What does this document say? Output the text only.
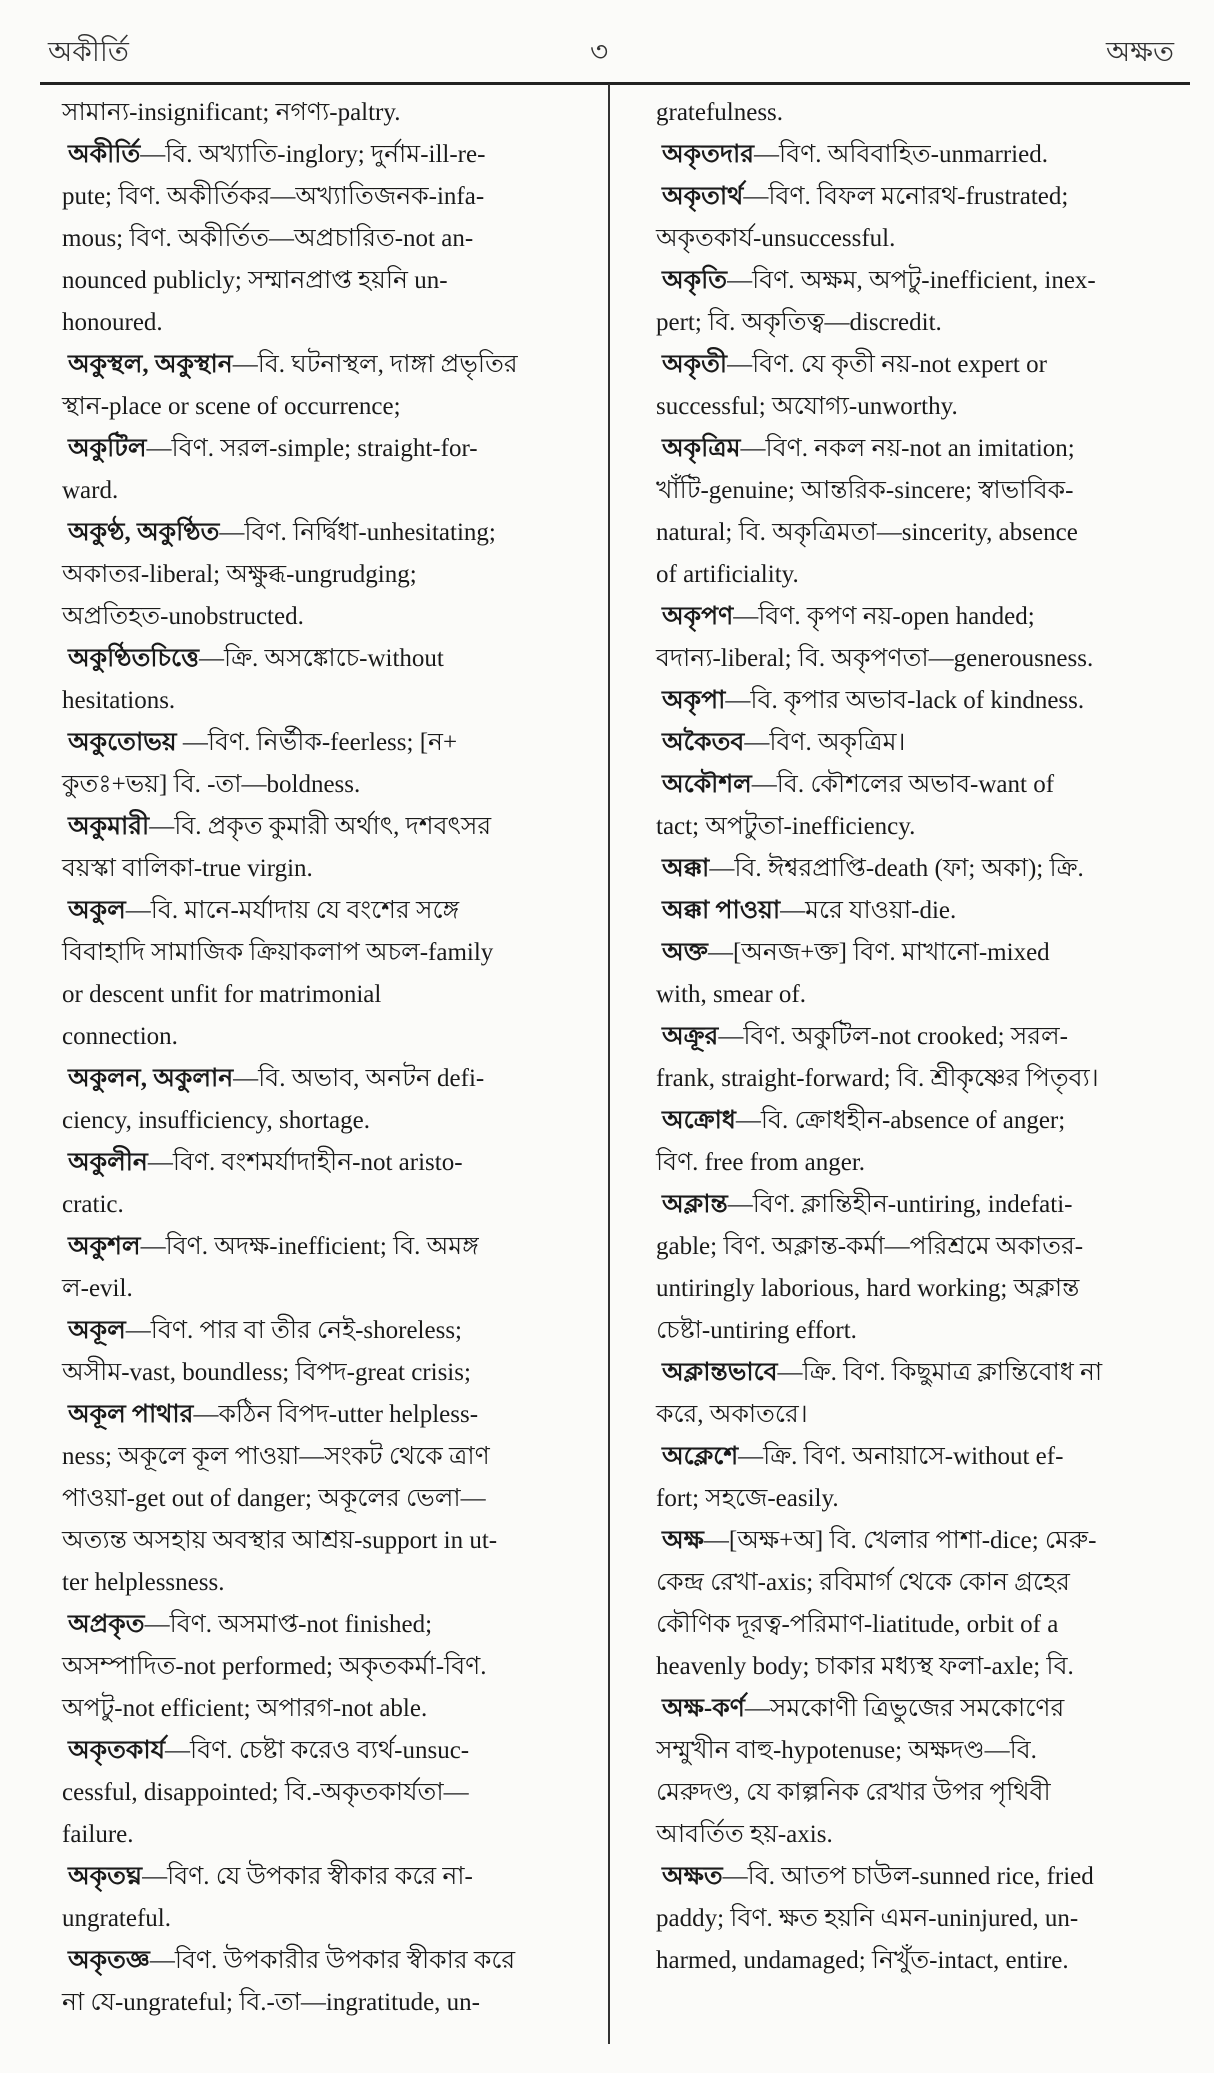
অকীর্তি	৩	অক্ষত
সামান্য-insignificant; নগণ্য-paltry.
অকীর্তি—বি. অখ্যাতি-inglory; দুর্নাম-ill-re-
pute; বিণ. অকীর্তিকর—অখ্যাতিজনক-infa-
mous; বিণ. অকীর্তিত—অপ্রচারিত-not an-
nounced publicly; সম্মানপ্রাপ্ত হয়নি un-
honoured.
অকুস্থল, অকুস্থান—বি. ঘটনাস্থল, দাঙ্গা প্রভৃতির
স্থান-place or scene of occurrence;
অকুটিল—বিণ. সরল-simple; straight-for-
ward.
অকুণ্ঠ, অকুণ্ঠিত—বিণ. নির্দ্বিধা-unhesitating;
অকাতর-liberal; অক্ষুব্ধ-ungrudging;
অপ্রতিহত-unobstructed.
অকুণ্ঠিতচিত্তে—ক্রি. অসঙ্কোচে-without
hesitations.
অকুতোভয় —বিণ. নির্ভীক-feerless; [ন+
কুতঃ+ভয়] বি. -তা—boldness.
অকুমারী—বি. প্রকৃত কুমারী অর্থাৎ, দশবৎসর
বয়স্কা বালিকা-true virgin.
অকুল—বি. মানে-মর্যাদায় যে বংশের সঙ্গে
বিবাহাদি সামাজিক ক্রিয়াকলাপ অচল-family
or descent unfit for matrimonial
connection.
অকুলন, অকুলান—বি. অভাব, অনটন defi-
ciency, insufficiency, shortage.
অকুলীন—বিণ. বংশমর্যাদাহীন-not aristo-
cratic.
অকুশল—বিণ. অদক্ষ-inefficient; বি. অমঙ্গ
ল-evil.
অকূল—বিণ. পার বা তীর নেই-shoreless;
অসীম-vast, boundless; বিপদ-great crisis;
অকূল পাথার—কঠিন বিপদ-utter helpless-
ness; অকূলে কূল পাওয়া—সংকট থেকে ত্রাণ
পাওয়া-get out of danger; অকূলের ভেলা—
অত্যন্ত অসহায় অবস্থার আশ্রয়-support in ut-
ter helplessness.
অপ্রকৃত—বিণ. অসমাপ্ত-not finished;
অসম্পাদিত-not performed; অকৃতকর্মা-বিণ.
অপটু-not efficient; অপারগ-not able.
অকৃতকার্য—বিণ. চেষ্টা করেও ব্যর্থ-unsuc-
cessful, disappointed; বি.-অকৃতকার্যতা—
failure.
অকৃতঘ্ন—বিণ. যে উপকার স্বীকার করে না-
ungrateful.
অকৃতজ্ঞ—বিণ. উপকারীর উপকার স্বীকার করে
না যে-ungrateful; বি.-তা—ingratitude, un-
gratefulness.
অকৃতদার—বিণ. অবিবাহিত-unmarried.
অকৃতার্থ—বিণ. বিফল মনোরথ-frustrated;
অকৃতকার্য-unsuccessful.
অকৃতি—বিণ. অক্ষম, অপটু-inefficient, inex-
pert; বি. অকৃতিত্ব—discredit.
অকৃতী—বিণ. যে কৃতী নয়-not expert or
successful; অযোগ্য-unworthy.
অকৃত্রিম—বিণ. নকল নয়-not an imitation;
খাঁটি-genuine; আন্তরিক-sincere; স্বাভাবিক-
natural; বি. অকৃত্রিমতা—sincerity, absence
of artificiality.
অকৃপণ—বিণ. কৃপণ নয়-open handed;
বদান্য-liberal; বি. অকৃপণতা—generousness.
অকৃপা—বি. কৃপার অভাব-lack of kindness.
অকৈতব—বিণ. অকৃত্রিম।
অকৌশল—বি. কৌশলের অভাব-want of
tact; অপটুতা-inefficiency.
অক্কা—বি. ঈশ্বরপ্রাপ্তি-death (ফা; অকা); ক্রি.
অক্কা পাওয়া—মরে যাওয়া-die.
অক্ত—[অনজ+ক্ত] বিণ. মাখানো-mixed
with, smear of.
অক্রূর—বিণ. অকুটিল-not crooked; সরল-
frank, straight-forward; বি. শ্রীকৃষ্ণের পিতৃব্য।
অক্রোধ—বি. ক্রোধহীন-absence of anger;
বিণ. free from anger.
অক্লান্ত—বিণ. ক্লান্তিহীন-untiring, indefati-
gable; বিণ. অক্লান্ত-কর্মা—পরিশ্রমে অকাতর-
untiringly laborious, hard working; অক্লান্ত
চেষ্টা-untiring effort.
অক্লান্তভাবে—ক্রি. বিণ. কিছুমাত্র ক্লান্তিবোধ না
করে, অকাতরে।
অক্লেশে—ক্রি. বিণ. অনায়াসে-without ef-
fort; সহজে-easily.
অক্ষ—[অক্ষ+অ] বি. খেলার পাশা-dice; মেরু-
কেন্দ্র রেখা-axis; রবিমার্গ থেকে কোন গ্রহের
কৌণিক দূরত্ব-পরিমাণ-liatitude, orbit of a
heavenly body; চাকার মধ্যস্থ ফলা-axle; বি.
অক্ষ-কর্ণ—সমকোণী ত্রিভুজের সমকোণের
সম্মুখীন বাহু-hypotenuse; অক্ষদণ্ড—বি.
মেরুদণ্ড, যে কাল্পনিক রেখার উপর পৃথিবী
আবর্তিত হয়-axis.
অক্ষত—বি. আতপ চাউল-sunned rice, fried
paddy; বিণ. ক্ষত হয়নি এমন-uninjured, un-
harmed, undamaged; নিখুঁত-intact, entire.
